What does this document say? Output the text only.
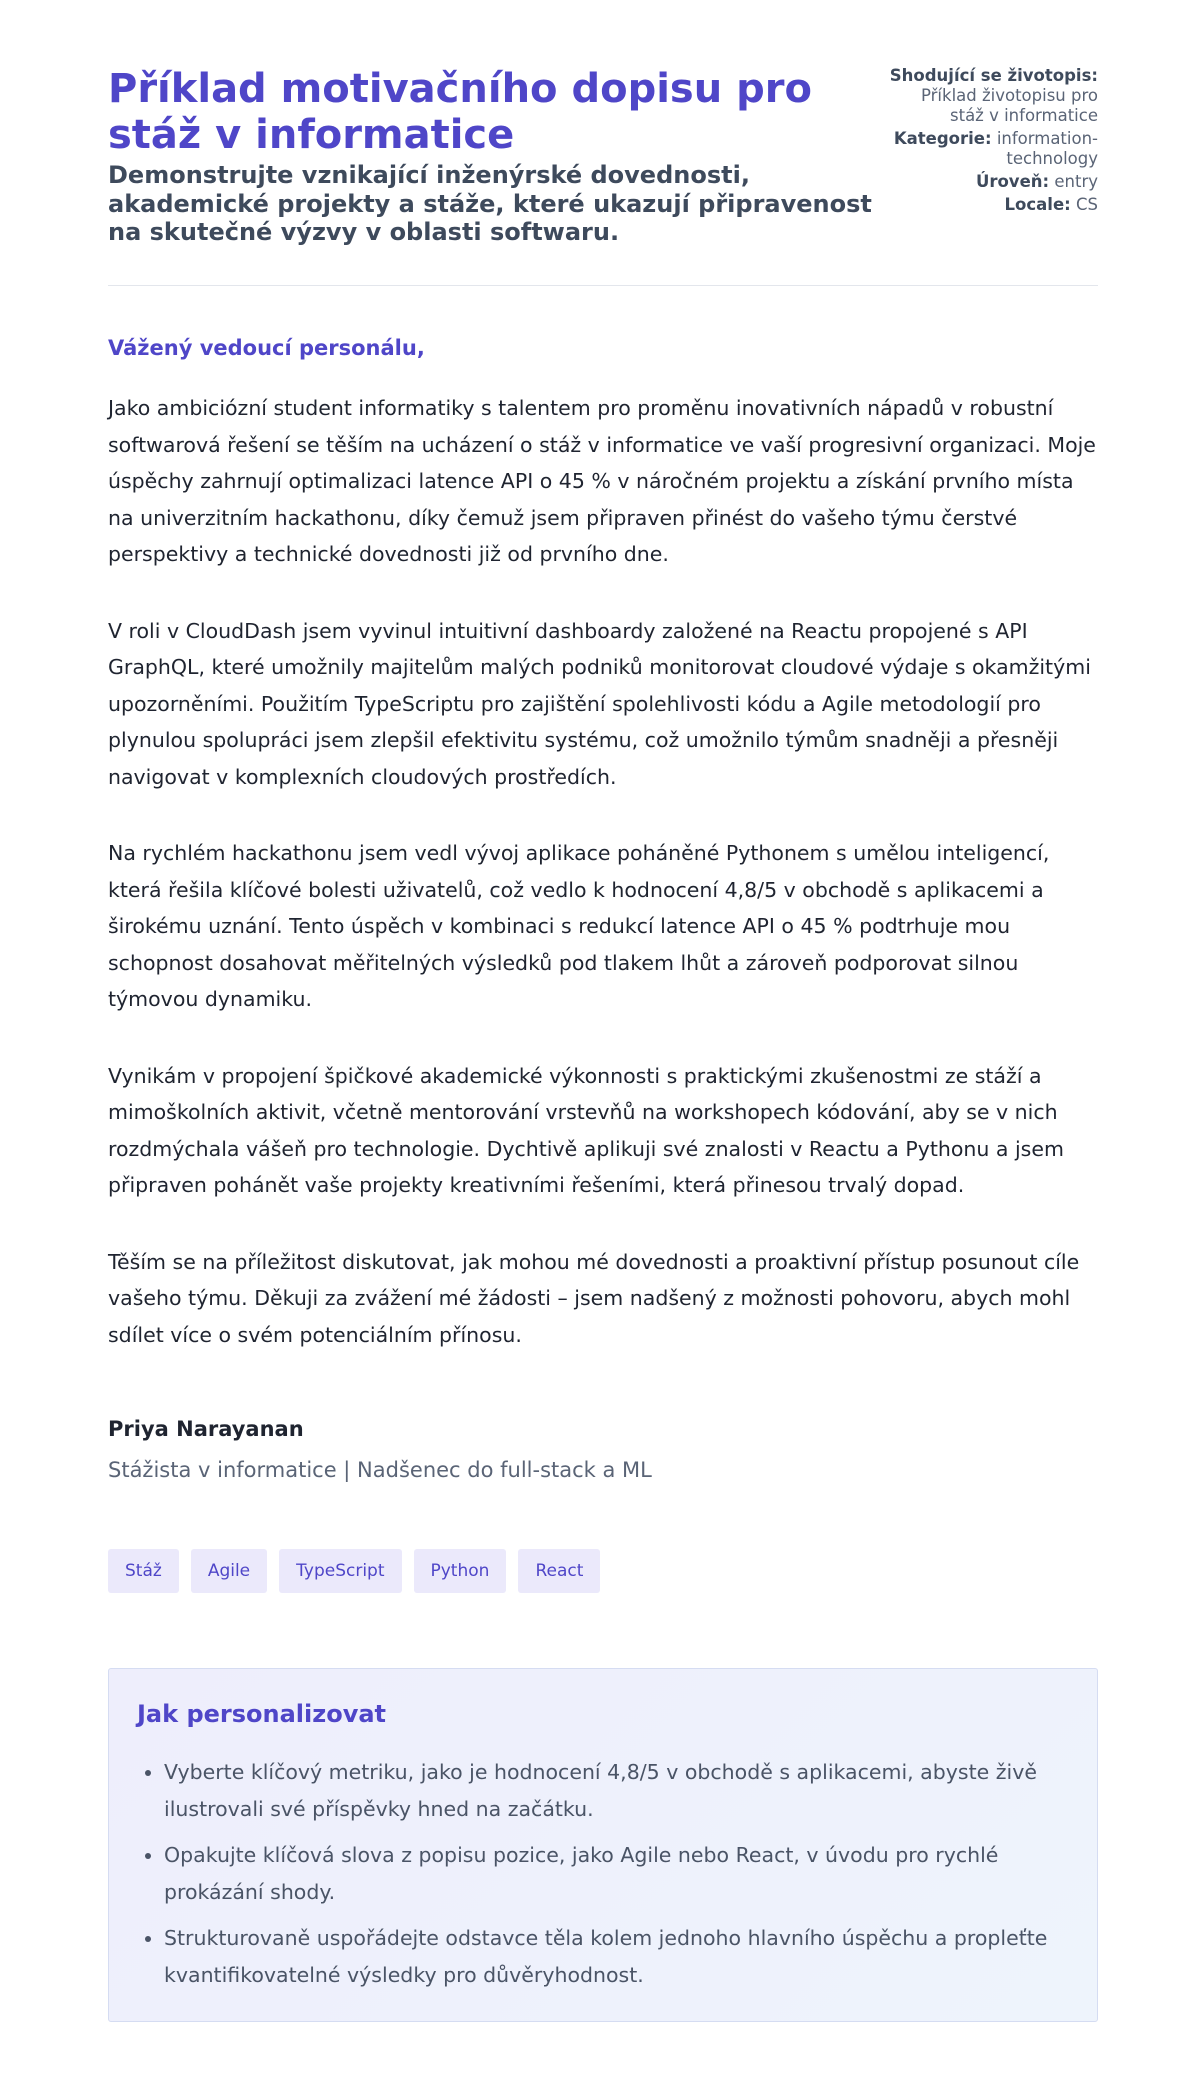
Příklad motivačního dopisu pro stáž v informatice
Demonstrujte vznikající inženýrské dovednosti, akademické projekty a stáže, které ukazují připravenost na skutečné výzvy v oblasti softwaru.
Shodující se životopis: Příklad životopisu pro stáž v informatice
Kategorie: information-technology
Úroveň: entry
Locale: CS

Vážený vedoucí personálu,

Jako ambiciózní student informatiky s talentem pro proměnu inovativních nápadů v robustní softwarová řešení se těším na ucházení o stáž v informatice ve vaší progresivní organizaci. Moje úspěchy zahrnují optimalizaci latence API o 45 % v náročném projektu a získání prvního místa na univerzitním hackathonu, díky čemuž jsem připraven přinést do vašeho týmu čerstvé perspektivy a technické dovednosti již od prvního dne.

V roli v CloudDash jsem vyvinul intuitivní dashboardy založené na Reactu propojené s API GraphQL, které umožnily majitelům malých podniků monitorovat cloudové výdaje s okamžitými upozorněními. Použitím TypeScriptu pro zajištění spolehlivosti kódu a Agile metodologií pro plynulou spolupráci jsem zlepšil efektivitu systému, což umožnilo týmům snadněji a přesněji navigovat v komplexních cloudových prostředích.

Na rychlém hackathonu jsem vedl vývoj aplikace poháněné Pythonem s umělou inteligencí, která řešila klíčové bolesti uživatelů, což vedlo k hodnocení 4,8/5 v obchodě s aplikacemi a širokému uznání. Tento úspěch v kombinaci s redukcí latence API o 45 % podtrhuje mou schopnost dosahovat měřitelných výsledků pod tlakem lhůt a zároveň podporovat silnou týmovou dynamiku.

Vynikám v propojení špičkové akademické výkonnosti s praktickými zkušenostmi ze stáží a mimoškolních aktivit, včetně mentorování vrstevňů na workshopech kódování, aby se v nich rozdmýchala vášeň pro technologie. Dychtivě aplikuji své znalosti v Reactu a Pythonu a jsem připraven pohánět vaše projekty kreativními řešeními, která přinesou trvalý dopad.

Těším se na příležitost diskutovat, jak mohou mé dovednosti a proaktivní přístup posunout cíle vašeho týmu. Děkuji za zvážení mé žádosti – jsem nadšený z možnosti pohovoru, abych mohl sdílet více o svém potenciálním přínosu.

Priya Narayanan

Stážista v informatice | Nadšenec do full-stack a ML

Stáž	Agile	TypeScript	Python	React
Jak personalizovat
• Vyberte klíčový metriku, jako je hodnocení 4,8/5 v obchodě s aplikacemi, abyste živě ilustrovali své příspěvky hned na začátku.
• Opakujte klíčová slova z popisu pozice, jako Agile nebo React, v úvodu pro rychlé prokázání shody.
• Strukturovaně uspořádejte odstavce těla kolem jednoho hlavního úspěchu a propleťte kvantifikovatelné výsledky pro důvěryhodnost.
